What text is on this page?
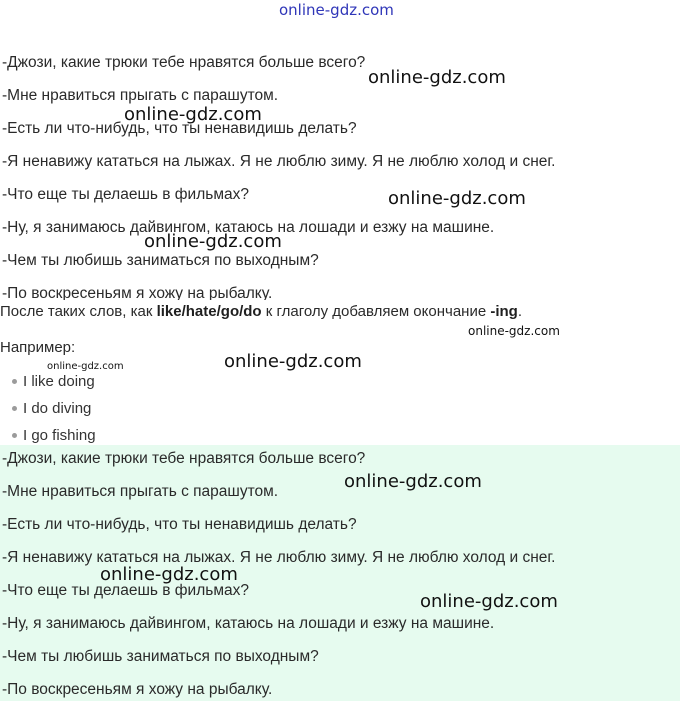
online-gdz.com

-Джози, какие трюки тебе нравятся больше всего?

-Мне нравиться прыгать с парашутом.

-Есть ли что-нибудь, что ты ненавидишь делать?

-Я ненавижу кататься на лыжах. Я не люблю зиму. Я не люблю холод и снег.

-Что еще ты делаешь в фильмах?

-Ну, я занимаюсь дайвингом, катаюсь на лошади и езжу на машине.

-Чем ты любишь заниматься по выходным?

-По воскресеньям я хожу на рыбалку.

После таких слов, как like/hate/go/do к глаголу добавляем окончание -ing.
Например:
I like doing
I do diving
I go fishing

-Джози, какие трюки тебе нравятся больше всего?

-Мне нравиться прыгать с парашутом.

-Есть ли что-нибудь, что ты ненавидишь делать?

-Я ненавижу кататься на лыжах. Я не люблю зиму. Я не люблю холод и снег.

-Что еще ты делаешь в фильмах?

-Ну, я занимаюсь дайвингом, катаюсь на лошади и езжу на машине.

-Чем ты любишь заниматься по выходным?

-По воскресеньям я хожу на рыбалку.

online-gdz.com
online-gdz.com
online-gdz.com
online-gdz.com
online-gdz.com
online-gdz.com
online-gdz.com
online-gdz.com
online-gdz.com
online-gdz.com
